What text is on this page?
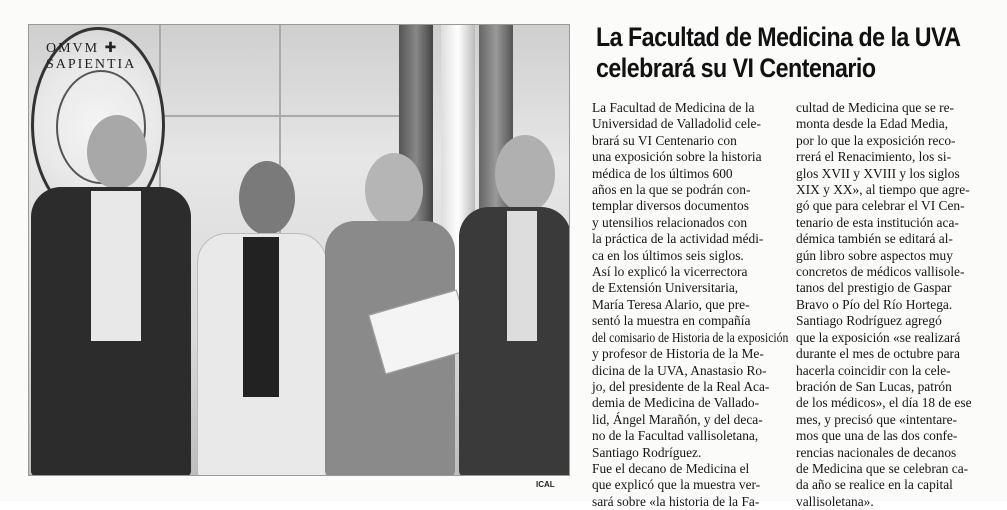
OMVM ✚ SAPIENTIA
ICAL
La Facultad de Medicina de la UVA
celebrará su VI Centenario
La Facultad de Medicina de la
Universidad de Valladolid cele-
brará su VI Centenario con
una exposición sobre la historia
médica de los últimos 600
años en la que se podrán con-
templar diversos documentos
y utensilios relacionados con
la práctica de la actividad médi-
ca en los últimos seis siglos.
Así lo explicó la vicerrectora
de Extensión Universitaria,
María Teresa Alario, que pre-
sentó la muestra en compañía
del comisario de Historia de la exposición
y profesor de Historia de la Me-
dicina de la UVA, Anastasio Ro-
jo, del presidente de la Real Aca-
demia de Medicina de Vallado-
lid, Ángel Marañón, y del deca-
no de la Facultad vallisoletana,
Santiago Rodríguez.
Fue el decano de Medicina el
que explicó que la muestra ver-
sará sobre «la historia de la Fa-
cultad de Medicina que se re-
monta desde la Edad Media,
por lo que la exposición reco-
rrerá el Renacimiento, los si-
glos XVII y XVIII y los siglos
XIX y XX», al tiempo que agre-
gó que para celebrar el VI Cen-
tenario de esta institución aca-
démica también se editará al-
gún libro sobre aspectos muy
concretos de médicos vallisole-
tanos del prestigio de Gaspar
Bravo o Pío del Río Hortega.
Santiago Rodríguez agregó
que la exposición «se realizará
durante el mes de octubre para
hacerla coincidir con la cele-
bración de San Lucas, patrón
de los médicos», el día 18 de ese
mes, y precisó que «intentare-
mos que una de las dos confe-
rencias nacionales de decanos
de Medicina que se celebran ca-
da año se realice en la capital
vallisoletana».
